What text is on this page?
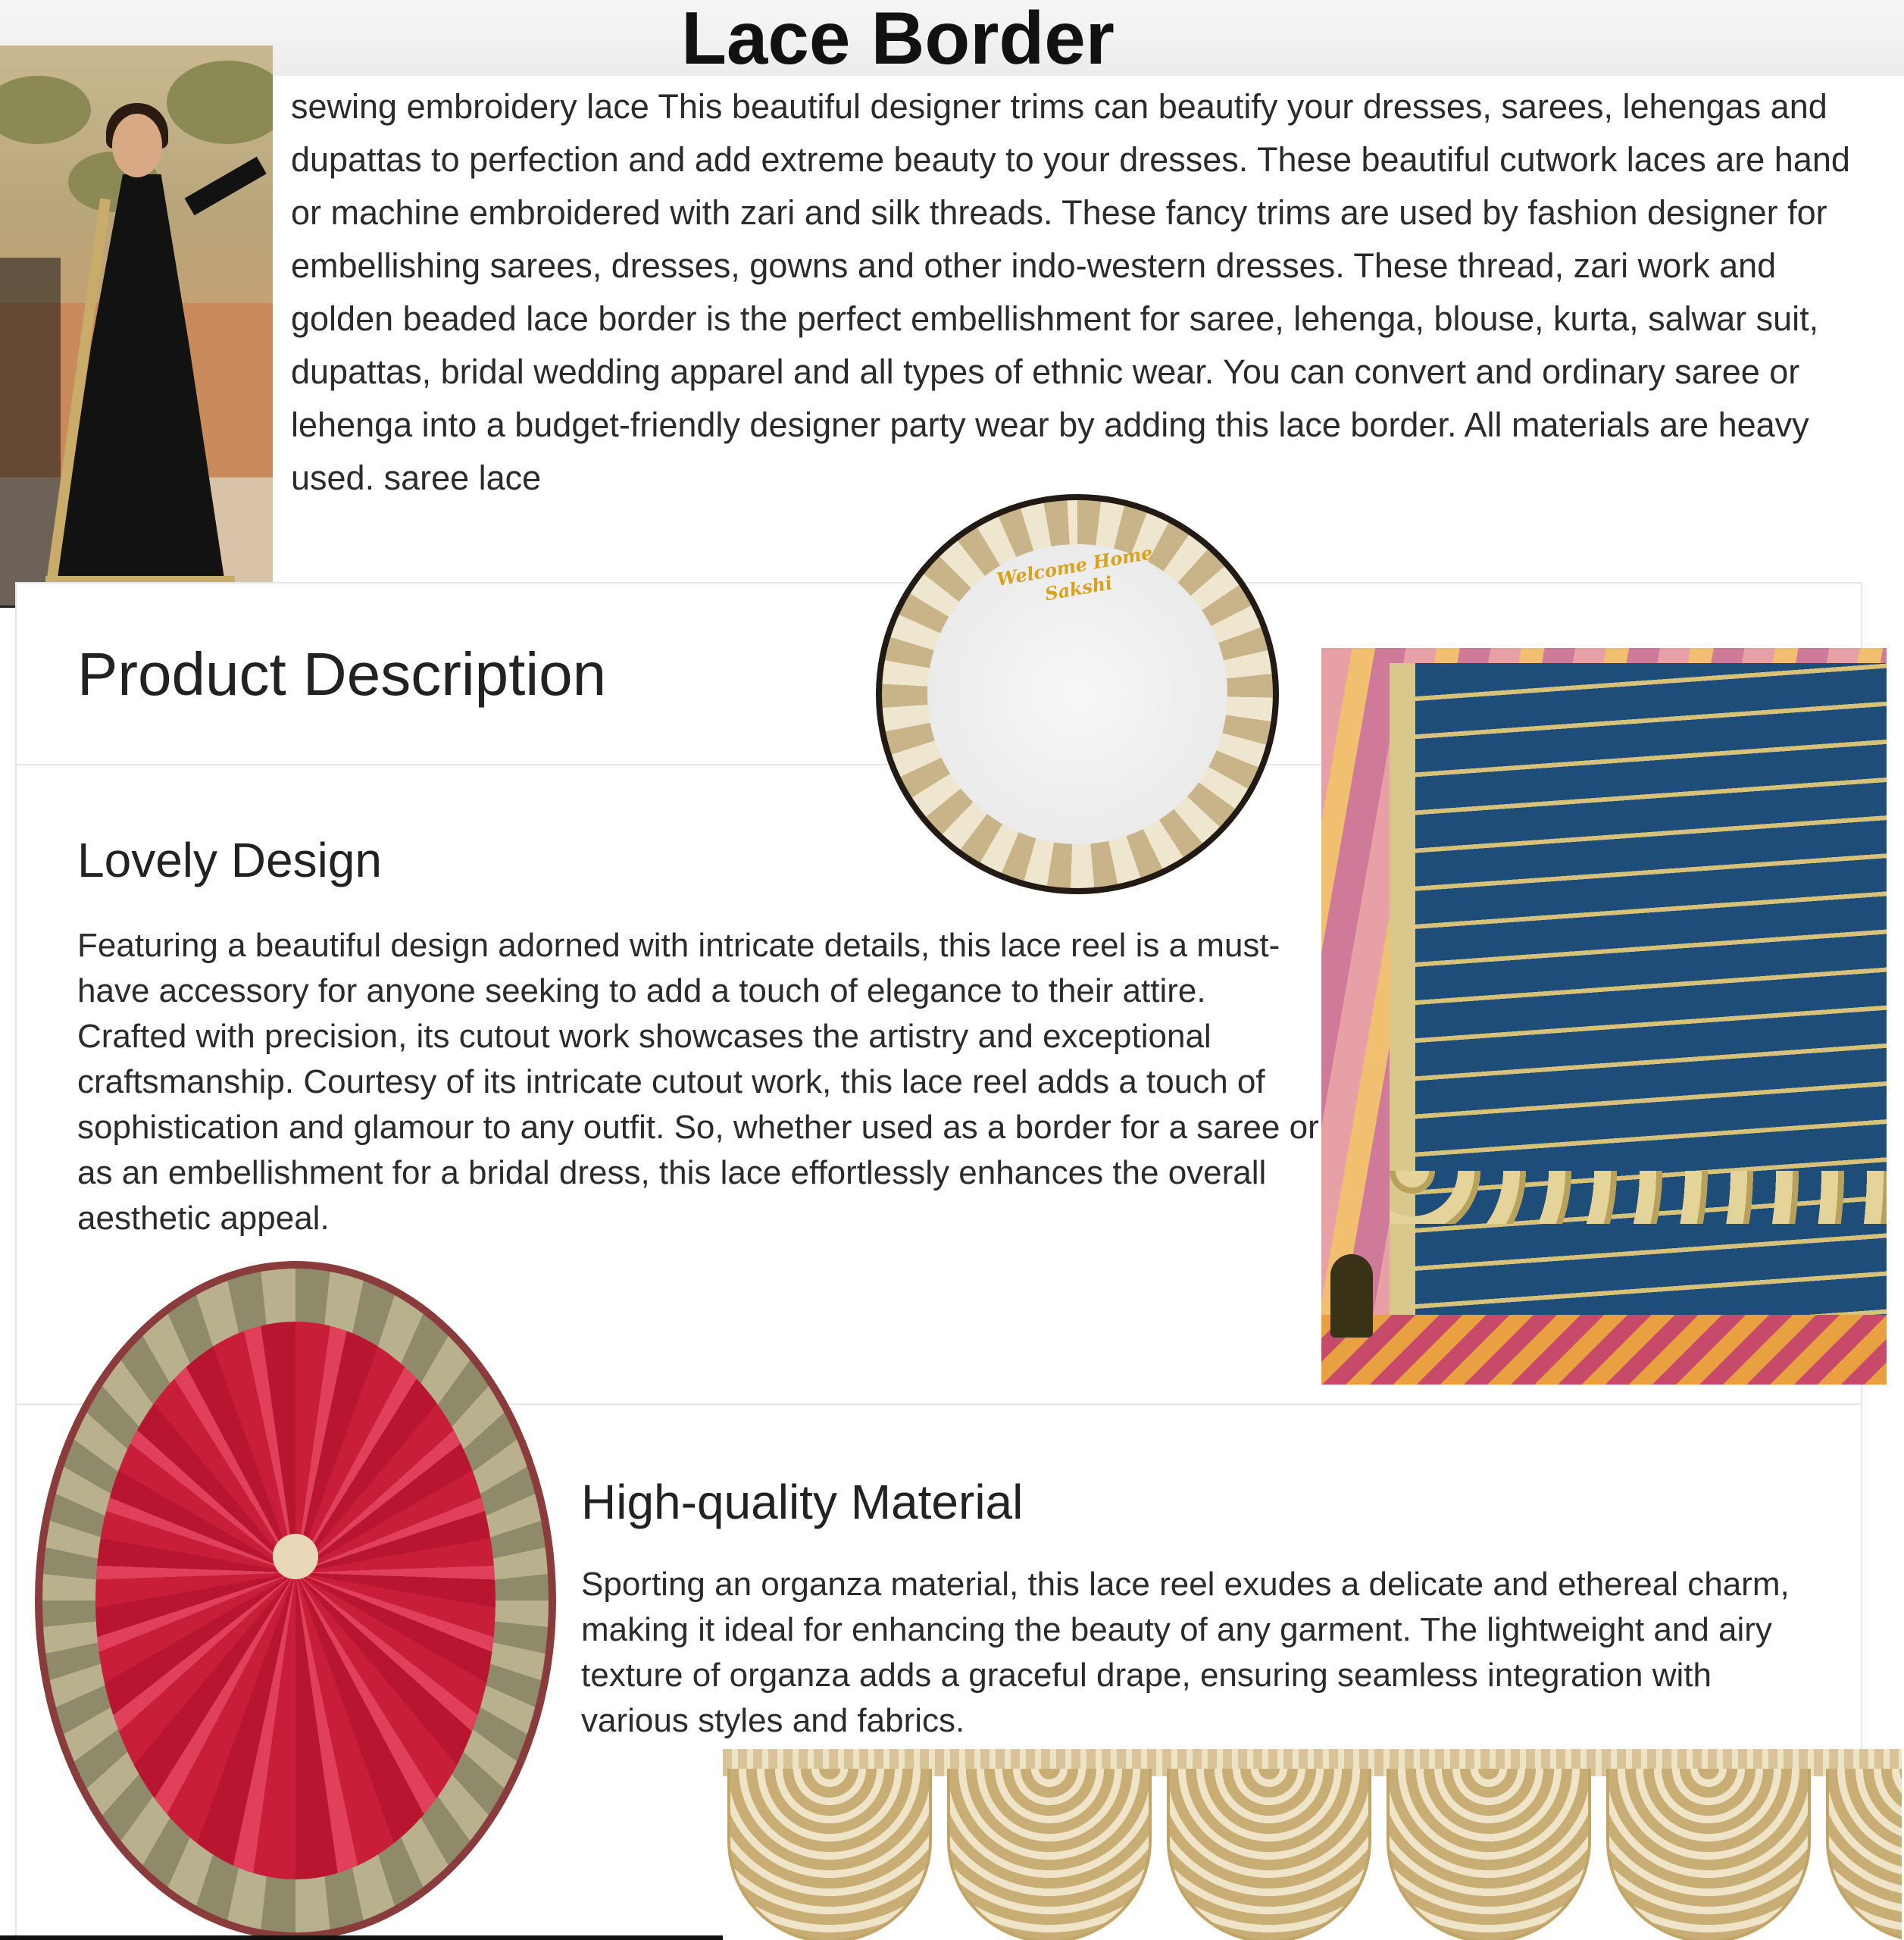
Lace Border

sewing embroidery lace This beautiful designer trims can beautify your dresses, sarees, lehengas and dupattas to perfection and add extreme beauty to your dresses. These beautiful cutwork laces are hand or machine embroidered with zari and silk threads. These fancy trims are used by fashion designer for embellishing sarees, dresses, gowns and other indo-western dresses. These thread, zari work and golden beaded lace border is the perfect embellishment for saree, lehenga, blouse, kurta, salwar suit, dupattas, bridal wedding apparel and all types of ethnic wear. You can convert and ordinary saree or lehenga into a budget-friendly designer party wear by adding this lace border. All materials are heavy used. saree lace

Product Description
Lovely Design

Featuring a beautiful design adorned with intricate details, this lace reel is a must-have accessory for anyone seeking to add a touch of elegance to their attire. Crafted with precision, its cutout work showcases the artistry and exceptional craftsmanship. Courtesy of its intricate cutout work, this lace reel adds a touch of sophistication and glamour to any outfit. So, whether used as a border for a saree or as an embellishment for a bridal dress, this lace effortlessly enhances the overall aesthetic appeal.

Welcome Home Sakshi
High-quality Material

Sporting an organza material, this lace reel exudes a delicate and ethereal charm, making it ideal for enhancing the beauty of any garment. The lightweight and airy texture of organza adds a graceful drape, ensuring seamless integration with various styles and fabrics.
